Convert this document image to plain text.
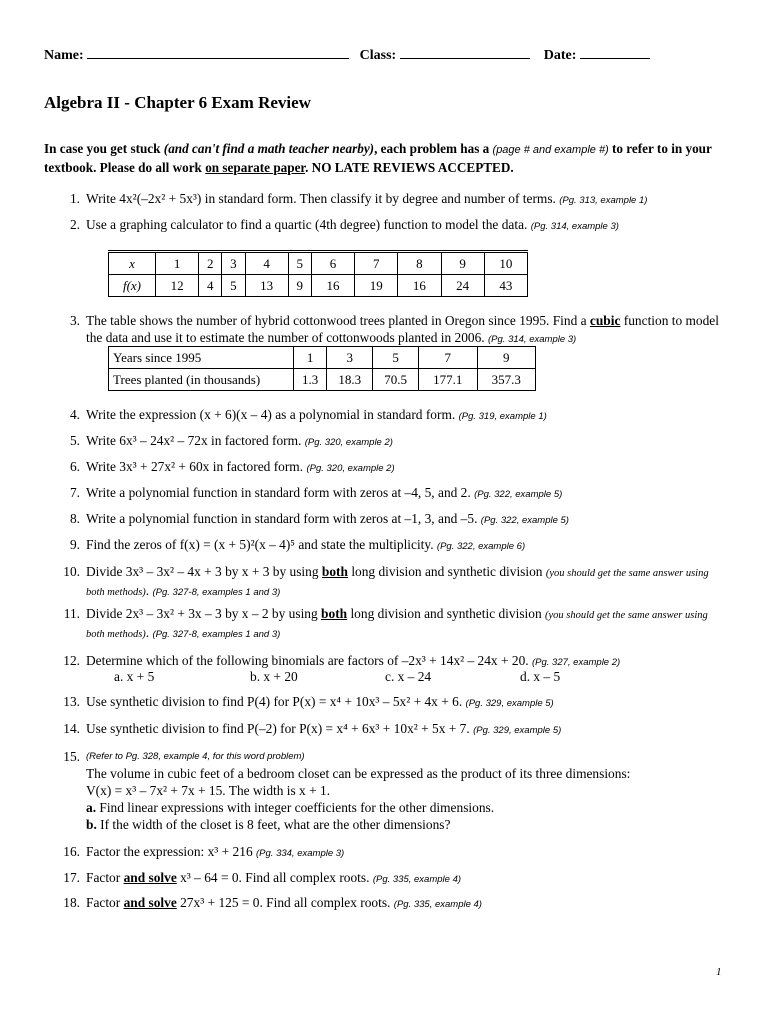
Name:	Class:	Date:
Algebra II - Chapter 6 Exam Review
In case you get stuck (and can't find a math teacher nearby), each problem has a (page # and example #) to refer to in your textbook. Please do all work on separate paper. NO LATE REVIEWS ACCEPTED.
1. Write 4x²(–2x² + 5x³) in standard form. Then classify it by degree and number of terms. (Pg. 313, example 1)
2. Use a graphing calculator to find a quartic (4th degree) function to model the data. (Pg. 314, example 3)
x	1	2	3	4	5	6	7	8	9	10
f(x)	12	4	5	13	9	16	19	16	24	43
3. The table shows the number of hybrid cottonwood trees planted in Oregon since 1995. Find a cubic function to model the data and use it to estimate the number of cottonwoods planted in 2006. (Pg. 314, example 3)
Years since 1995	1	3	5	7	9
Trees planted (in thousands)	1.3	18.3	70.5	177.1	357.3
4. Write the expression (x + 6)(x – 4) as a polynomial in standard form. (Pg. 319, example 1)
5. Write 6x³ – 24x² – 72x in factored form. (Pg. 320, example 2)
6. Write 3x³ + 27x² + 60x in factored form. (Pg. 320, example 2)
7. Write a polynomial function in standard form with zeros at –4, 5, and 2. (Pg. 322, example 5)
8. Write a polynomial function in standard form with zeros at –1, 3, and –5. (Pg. 322, example 5)
9. Find the zeros of f(x) = (x + 5)²(x – 4)⁵ and state the multiplicity. (Pg. 322, example 6)
10. Divide 3x³ – 3x² – 4x + 3 by x + 3 by using both long division and synthetic division (you should get the same answer using both methods). (Pg. 327-8, examples 1 and 3)
11. Divide 2x³ – 3x² + 3x – 3 by x – 2 by using both long division and synthetic division (you should get the same answer using both methods). (Pg. 327-8, examples 1 and 3)
12. Determine which of the following binomials are factors of –2x³ + 14x² – 24x + 20. (Pg. 327, example 2)
a. x + 5	b. x + 20	c. x – 24	d. x – 5
13. Use synthetic division to find P(4) for P(x) = x⁴ + 10x³ – 5x² + 4x + 6. (Pg. 329, example 5)
14. Use synthetic division to find P(–2) for P(x) = x⁴ + 6x³ + 10x² + 5x + 7. (Pg. 329, example 5)
15. (Refer to Pg. 328, example 4, for this word problem)
The volume in cubic feet of a bedroom closet can be expressed as the product of its three dimensions:
V(x) = x³ – 7x² + 7x + 15. The width is x + 1.
a. Find linear expressions with integer coefficients for the other dimensions.
b. If the width of the closet is 8 feet, what are the other dimensions?
16. Factor the expression: x³ + 216 (Pg. 334, example 3)
17. Factor and solve x³ – 64 = 0. Find all complex roots. (Pg. 335, example 4)
18. Factor and solve 27x³ + 125 = 0. Find all complex roots. (Pg. 335, example 4)
1
